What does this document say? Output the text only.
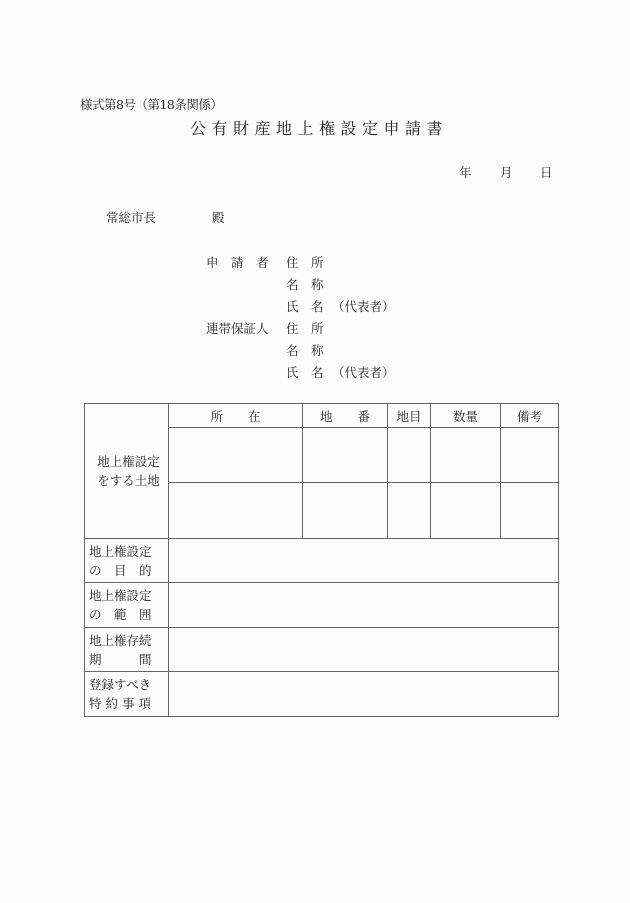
様式第8号（第18条関係）
公有財産地上権設定申請書
年 月 日
常総市長	殿
申　請　者 住　所
名　称
氏　名 （代表者）
連帯保証人 住　所
名　称
氏　名 （代表者）
地上権設定
をする土地	所　　在	地　　番	地目	数量	備考

地上権設定
の　目　的					

地上権設定
の　範　囲					

地上権存続
期　　　間					

登録すべき
特約事項					
